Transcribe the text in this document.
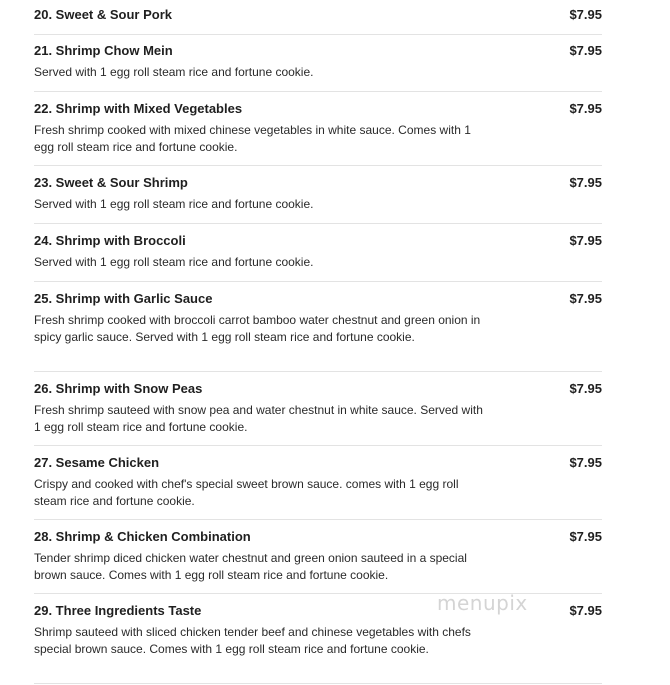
20. Sweet & Sour Pork	$7.95
21. Shrimp Chow Mein	$7.95
Served with 1 egg roll steam rice and fortune cookie.
22. Shrimp with Mixed Vegetables	$7.95
Fresh shrimp cooked with mixed chinese vegetables in white sauce. Comes with 1 egg roll steam rice and fortune cookie.
23. Sweet & Sour Shrimp	$7.95
Served with 1 egg roll steam rice and fortune cookie.
24. Shrimp with Broccoli	$7.95
Served with 1 egg roll steam rice and fortune cookie.
25. Shrimp with Garlic Sauce	$7.95
Fresh shrimp cooked with broccoli carrot bamboo water chestnut and green onion in spicy garlic sauce. Served with 1 egg roll steam rice and fortune cookie.
26. Shrimp with Snow Peas	$7.95
Fresh shrimp sauteed with snow pea and water chestnut in white sauce. Served with 1 egg roll steam rice and fortune cookie.
27. Sesame Chicken	$7.95
Crispy and cooked with chef's special sweet brown sauce. comes with 1 egg roll steam rice and fortune cookie.
28. Shrimp & Chicken Combination	$7.95
Tender shrimp diced chicken water chestnut and green onion sauteed in a special brown sauce. Comes with 1 egg roll steam rice and fortune cookie.
29. Three Ingredients Taste	$7.95
Shrimp sauteed with sliced chicken tender beef and chinese vegetables with chefs special brown sauce. Comes with 1 egg roll steam rice and fortune cookie.
menupix
